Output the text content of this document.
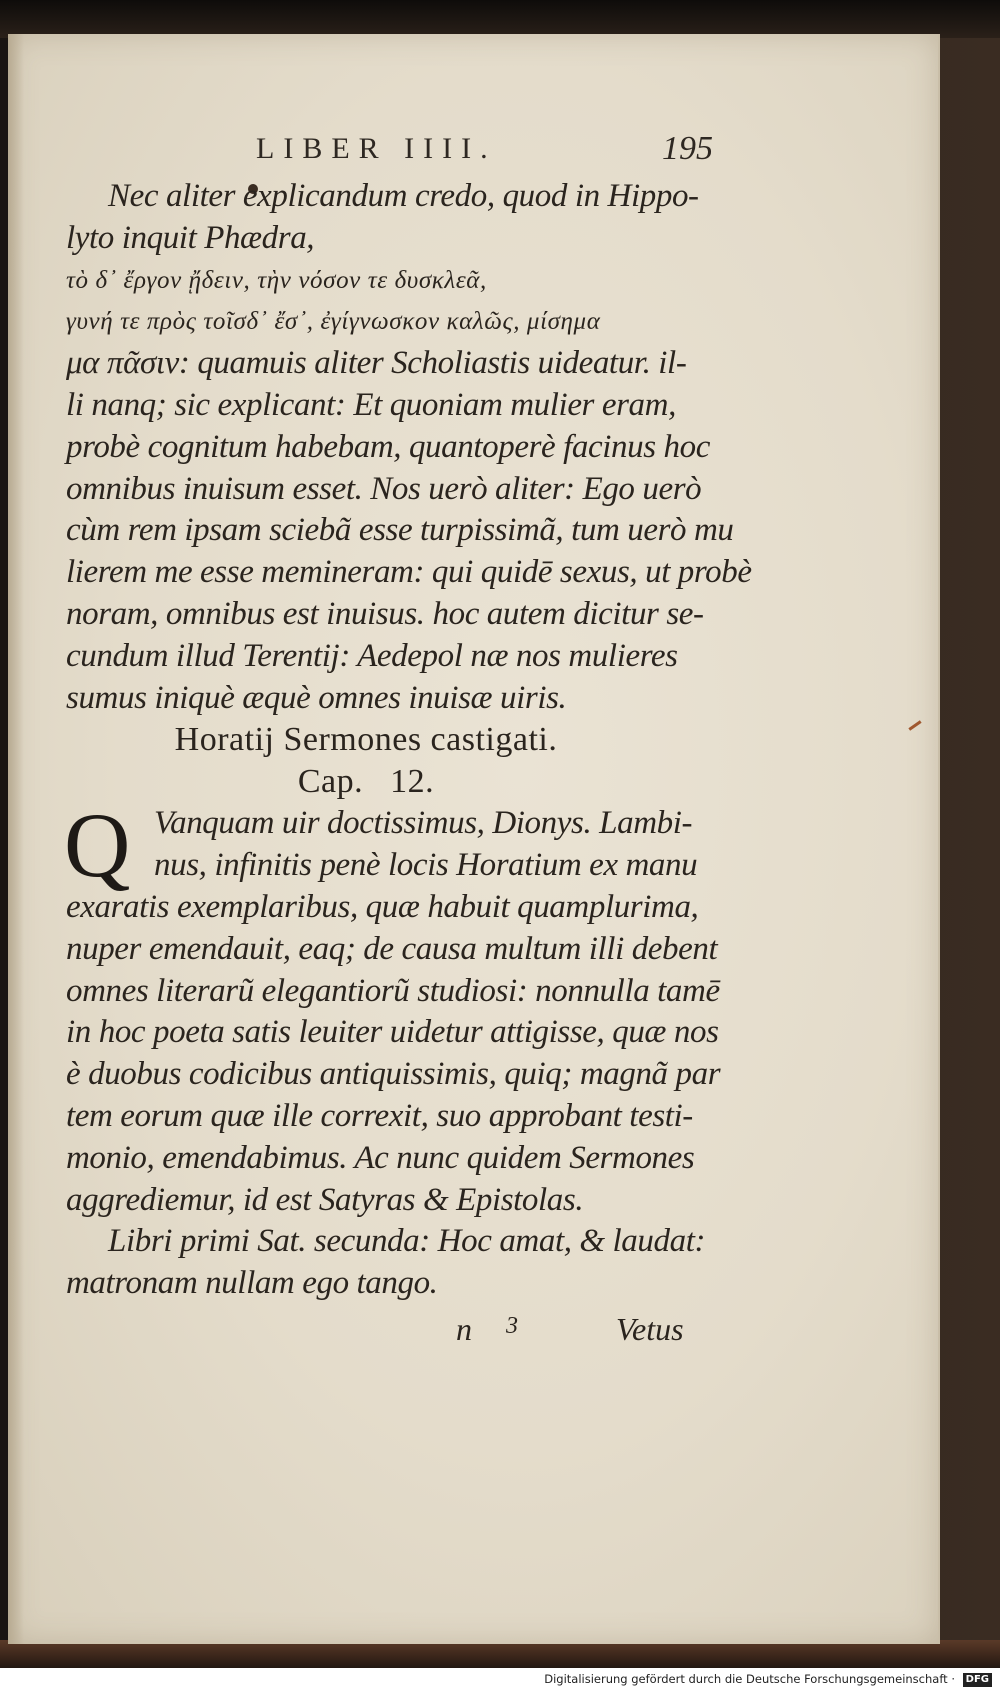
LIBER IIII.	195
Nec aliter explicandum credo, quod in Hippo-
lyto inquit Phædra,
τὸ δ᾽ ἔργον ᾔδειν, τὴν νόσον τε δυσκλεᾶ,
γυνή τε πρὸς τοῖσδ᾽ ἔσ᾽, ἐγίγνωσκον καλῶς, μίσημα
μα πᾶσιν: quamuis aliter Scholiastis uideatur. il-
li nanq; sic explicant: Et quoniam mulier eram,
probè cognitum habebam, quantoperè facinus hoc
omnibus inuisum esset. Nos uerò aliter: Ego uerò
cùm rem ipsam sciebã esse turpissimã, tum uerò mu
lierem me esse memineram: qui quidē sexus, ut probè
noram, omnibus est inuisus. hoc autem dicitur se-
cundum illud Terentij: Aedepol næ nos mulieres
sumus iniquè æquè omnes inuisæ uiris.
Horatij Sermones castigati.
Cap.   12.
Q Vanquam uir doctissimus, Dionys. Lambi-
nus, infinitis penè locis Horatium ex manu
exaratis exemplaribus, quæ habuit quamplurima,
nuper emendauit, eaq; de causa multum illi debent
omnes literarũ elegantiorũ studiosi: nonnulla tamē
in hoc poeta satis leuiter uidetur attigisse, quæ nos
è duobus codicibus antiquissimis, quiq; magnã par
tem eorum quæ ille correxit, suo approbant testi-
monio, emendabimus. Ac nunc quidem Sermones
aggrediemur, id est Satyras & Epistolas.
Libri primi Sat. secunda: Hoc amat, & laudat:
matronam nullam ego tango.
n 3	Vetus
Digitalisierung gefördert durch die Deutsche Forschungsgemeinschaft · DFG
